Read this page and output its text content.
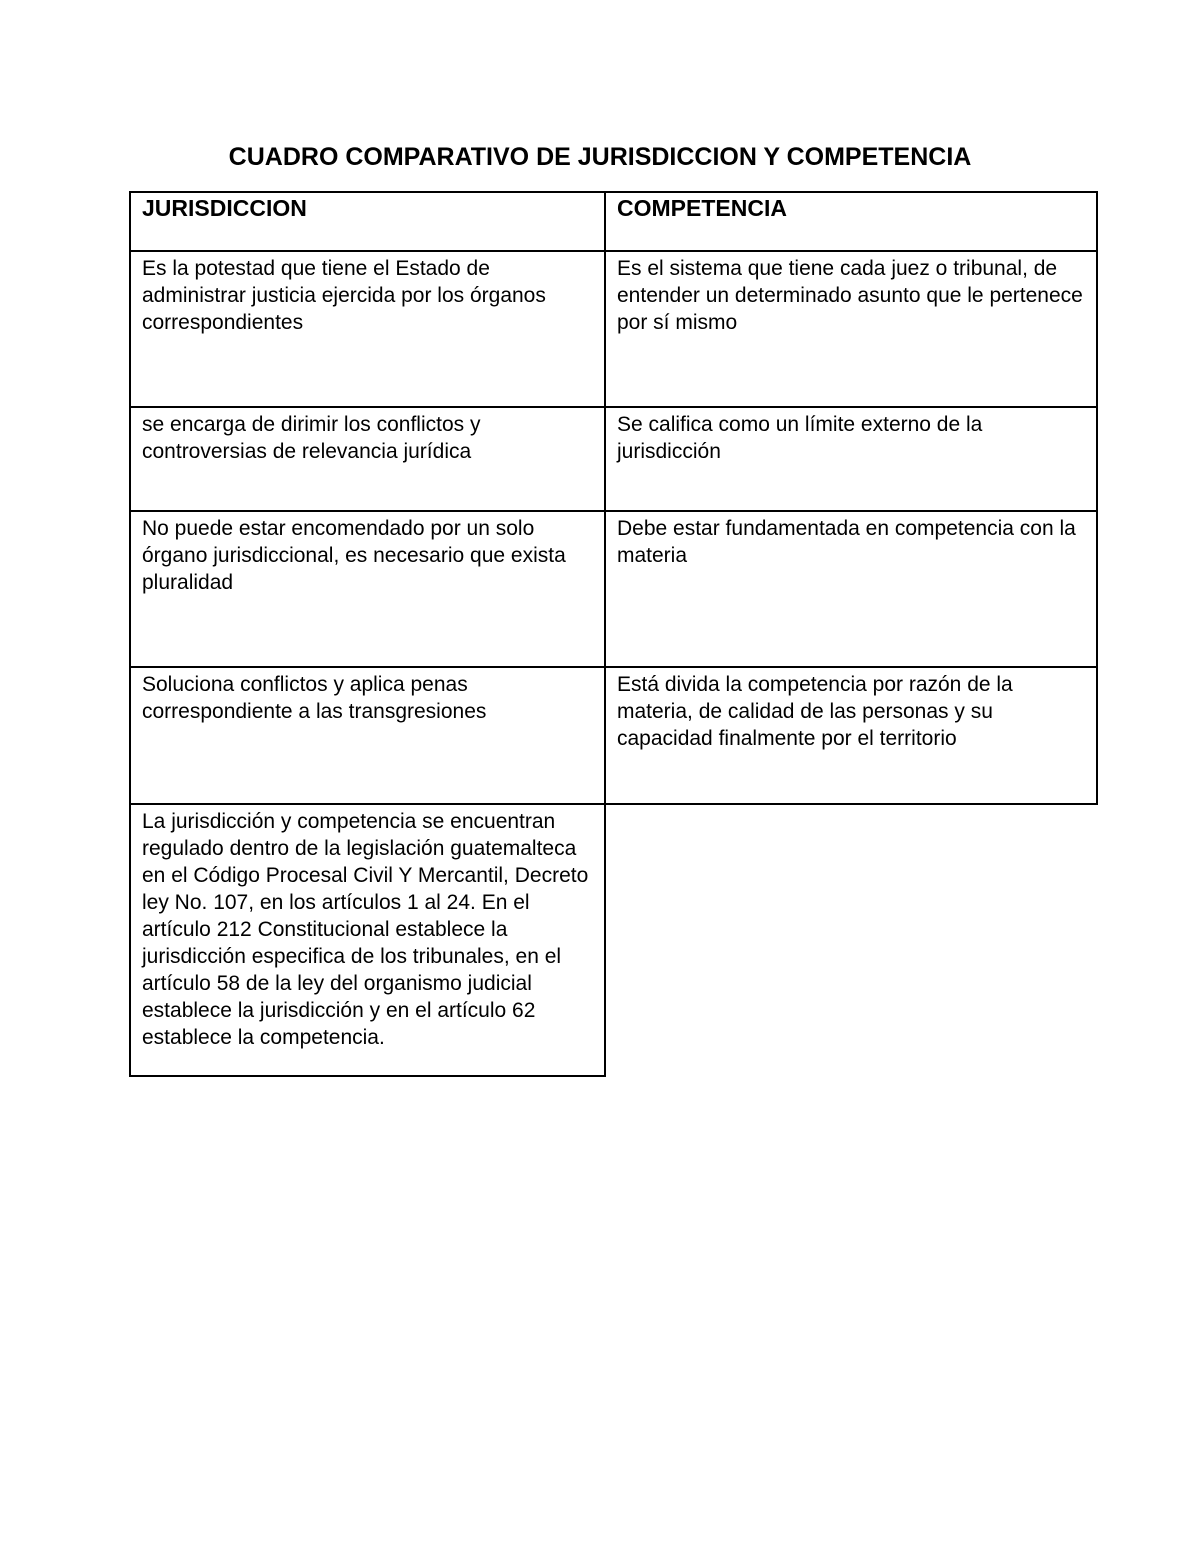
CUADRO COMPARATIVO DE JURISDICCION Y COMPETENCIA
JURISDICCION	COMPETENCIA
Es la potestad que tiene el Estado de administrar justicia ejercida por los órganos correspondientes
Es el sistema que tiene cada juez o tribunal, de entender un determinado asunto que le pertenece por sí mismo
se encarga de dirimir los conflictos y controversias de relevancia jurídica
Se califica como un límite externo de la jurisdicción
No puede estar encomendado por un solo órgano jurisdiccional, es necesario que exista pluralidad
Debe estar fundamentada en competencia con la materia
Soluciona conflictos y aplica penas correspondiente a las transgresiones
Está divida la competencia por razón de la materia, de calidad de las personas y su capacidad finalmente por el territorio
La jurisdicción y competencia se encuentran regulado dentro de la legislación guatemalteca en el Código Procesal Civil Y Mercantil, Decreto ley No. 107, en los artículos 1 al 24. En el artículo 212 Constitucional establece la jurisdicción especifica de los tribunales, en el artículo 58 de la ley del organismo judicial establece la jurisdicción y en el artículo 62 establece la competencia.
